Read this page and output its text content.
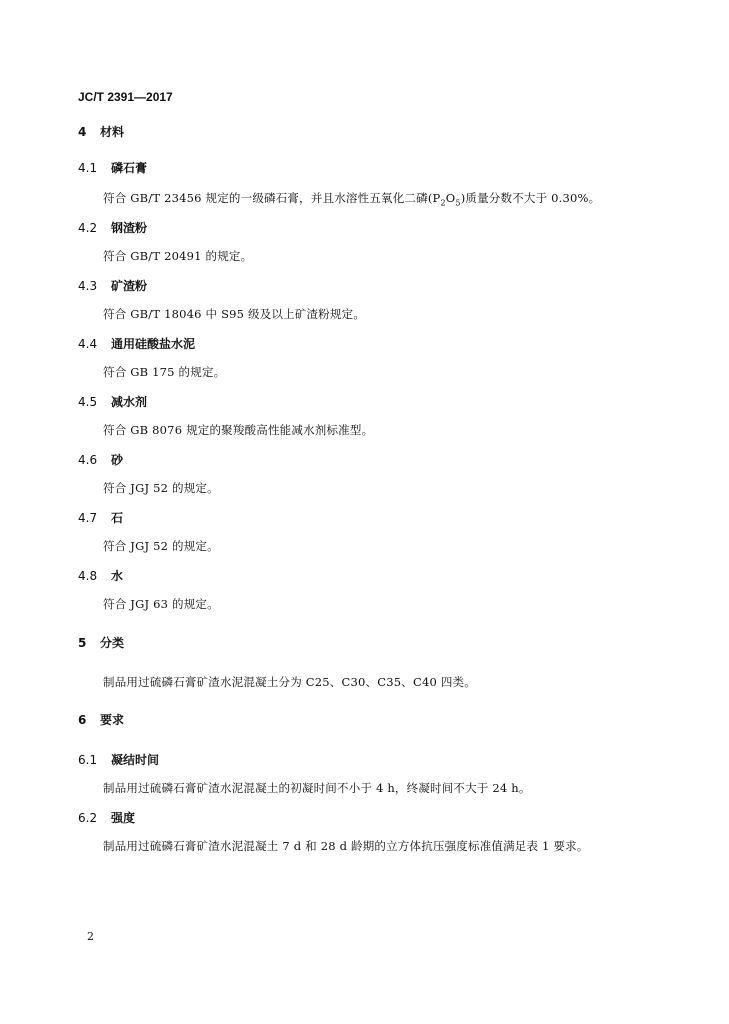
JC/T 2391—2017
4 材料
4.1 磷石膏
符合 GB/T 23456 规定的一级磷石膏，并且水溶性五氧化二磷$(P_2O_5)$质量分数不大于 0.30%。
4.2 钢渣粉
符合 GB/T 20491 的规定。
4.3 矿渣粉
符合 GB/T 18046 中 S95 级及以上矿渣粉规定。
4.4 通用硅酸盐水泥
符合 GB 175 的规定。
4.5 减水剂
符合 GB 8076 规定的聚羧酸高性能减水剂标准型。
4.6 砂
符合 JGJ 52 的规定。
4.7 石
符合 JGJ 52 的规定。
4.8 水
符合 JGJ 63 的规定。
5 分类
制品用过硫磷石膏矿渣水泥混凝土分为 C25、C30、C35、C40 四类。
6 要求
6.1 凝结时间
制品用过硫磷石膏矿渣水泥混凝土的初凝时间不小于 4 h，终凝时间不大于 24 h。
6.2 强度
制品用过硫磷石膏矿渣水泥混凝土 7 d 和 28 d 龄期的立方体抗压强度标准值满足表 1 要求。
2
